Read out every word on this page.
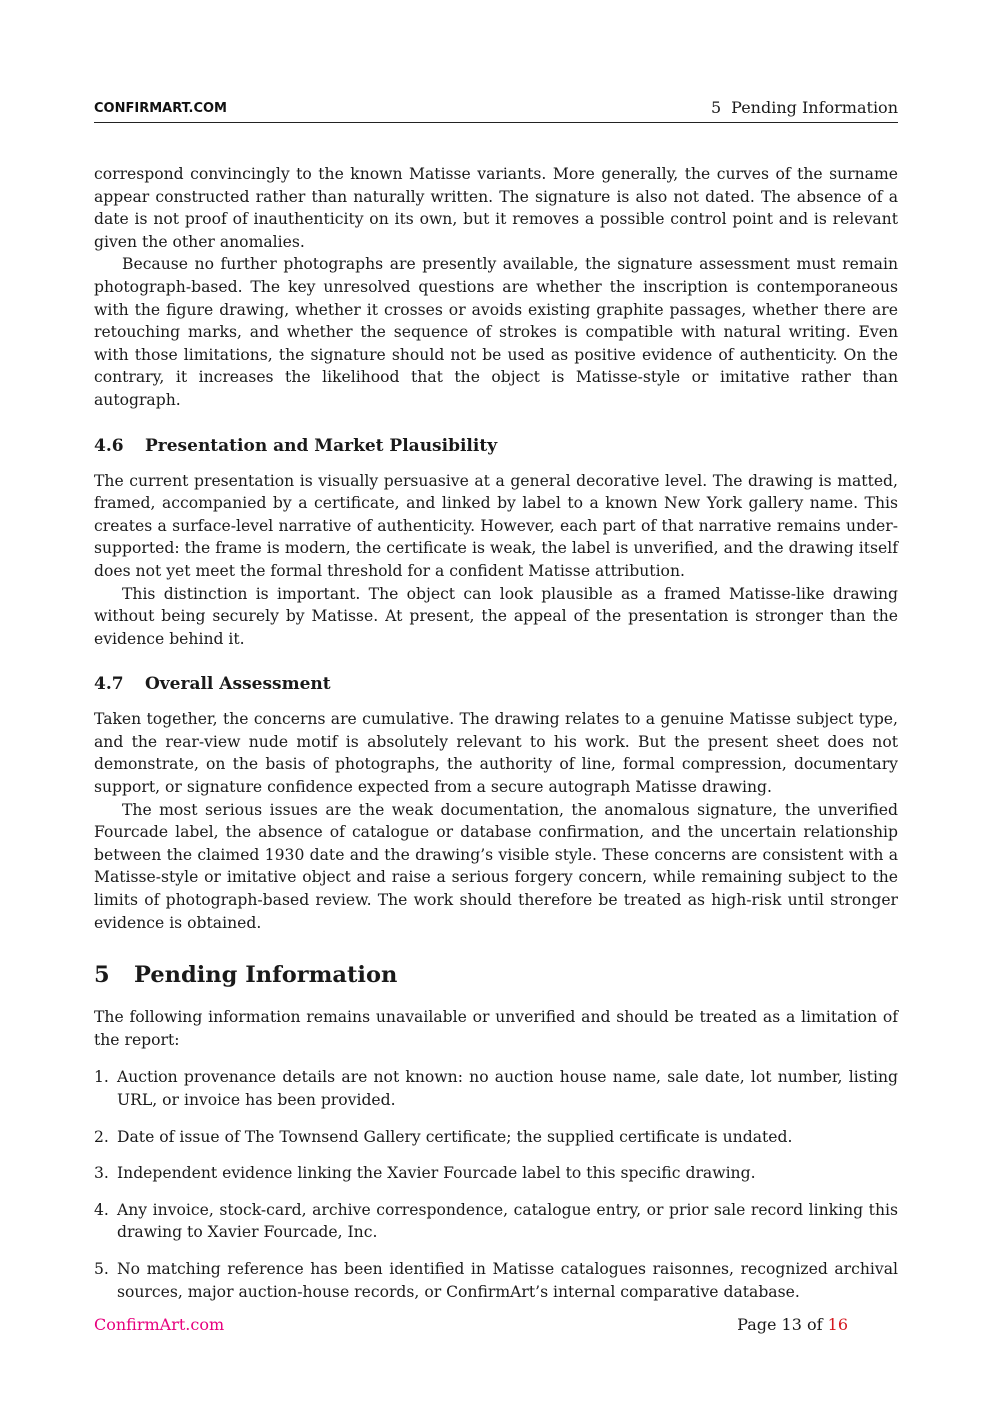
CONFIRMART.COM	5 Pending Information

correspond convincingly to the known Matisse variants. More generally, the curves of the surname appear constructed rather than naturally written. The signature is also not dated. The absence of a date is not proof of inauthenticity on its own, but it removes a possible control point and is relevant given the other anomalies.

Because no further photographs are presently available, the signature assessment must remain photograph-based. The key unresolved questions are whether the inscription is contemporaneous with the figure drawing, whether it crosses or avoids existing graphite passages, whether there are retouching marks, and whether the sequence of strokes is compatible with natural writing. Even with those limitations, the signature should not be used as positive evidence of authenticity. On the contrary, it increases the likelihood that the object is Matisse-style or imitative rather than autograph.

4.6 Presentation and Market Plausibility

The current presentation is visually persuasive at a general decorative level. The drawing is matted, framed, accompanied by a certificate, and linked by label to a known New York gallery name. This creates a surface-level narrative of authenticity. However, each part of that narrative remains under-supported: the frame is modern, the certificate is weak, the label is unverified, and the drawing itself does not yet meet the formal threshold for a confident Matisse attribution.

This distinction is important. The object can look plausible as a framed Matisse-like drawing without being securely by Matisse. At present, the appeal of the presentation is stronger than the evidence behind it.

4.7 Overall Assessment

Taken together, the concerns are cumulative. The drawing relates to a genuine Matisse subject type, and the rear-view nude motif is absolutely relevant to his work. But the present sheet does not demonstrate, on the basis of photographs, the authority of line, formal compression, documentary support, or signature confidence expected from a secure autograph Matisse drawing.

The most serious issues are the weak documentation, the anomalous signature, the unverified Fourcade label, the absence of catalogue or database confirmation, and the uncertain relationship between the claimed 1930 date and the drawing’s visible style. These concerns are consistent with a Matisse-style or imitative object and raise a serious forgery concern, while remaining subject to the limits of photograph-based review. The work should therefore be treated as high-risk until stronger evidence is obtained.

5 Pending Information

The following information remains unavailable or unverified and should be treated as a limitation of the report:

1. Auction provenance details are not known: no auction house name, sale date, lot number, listing URL, or invoice has been provided.
2. Date of issue of The Townsend Gallery certificate; the supplied certificate is undated.
3. Independent evidence linking the Xavier Fourcade label to this specific drawing.
4. Any invoice, stock-card, archive correspondence, catalogue entry, or prior sale record linking this drawing to Xavier Fourcade, Inc.
5. No matching reference has been identified in Matisse catalogues raisonnes, recognized archival sources, major auction-house records, or ConfirmArt’s internal comparative database.
ConfirmArt.com	Page 13 of 16
